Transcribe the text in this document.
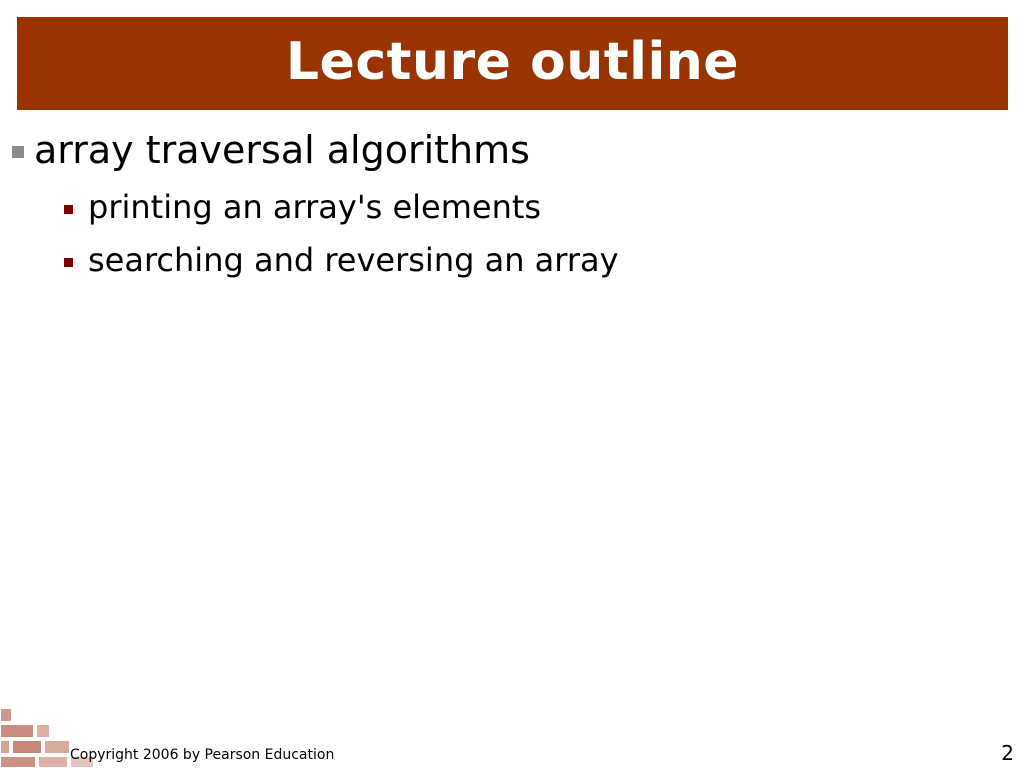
Lecture outline
array traversal algorithms
printing an array's elements
searching and reversing an array
Copyright 2006 by Pearson Education	2
